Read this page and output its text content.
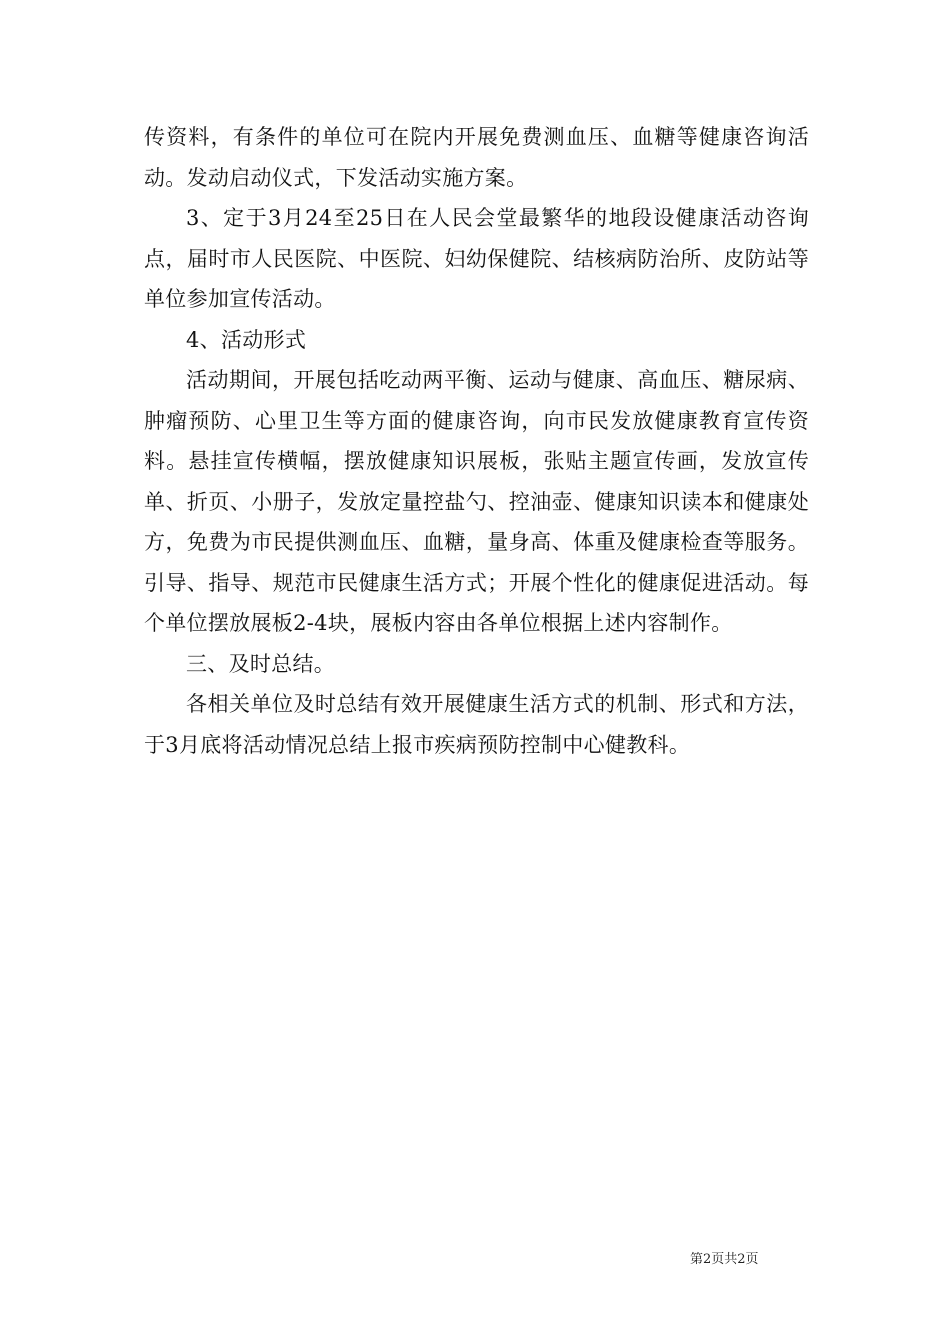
传资料，有条件的单位可在院内开展免费测血压、血糖等健康咨询活动。发动启动仪式，下发活动实施方案。

3、定于3月24至25日在人民会堂最繁华的地段设健康活动咨询点，届时市人民医院、中医院、妇幼保健院、结核病防治所、皮防站等单位参加宣传活动。

4、活动形式

活动期间，开展包括吃动两平衡、运动与健康、高血压、糖尿病、肿瘤预防、心里卫生等方面的健康咨询，向市民发放健康教育宣传资料。悬挂宣传横幅，摆放健康知识展板，张贴主题宣传画，发放宣传单、折页、小册子，发放定量控盐勺、控油壶、健康知识读本和健康处方，免费为市民提供测血压、血糖，量身高、体重及健康检查等服务。引导、指导、规范市民健康生活方式；开展个性化的健康促进活动。每个单位摆放展板2-4块，展板内容由各单位根据上述内容制作。

三、及时总结。

各相关单位及时总结有效开展健康生活方式的机制、形式和方法，于3月底将活动情况总结上报市疾病预防控制中心健教科。

第2页共2页
